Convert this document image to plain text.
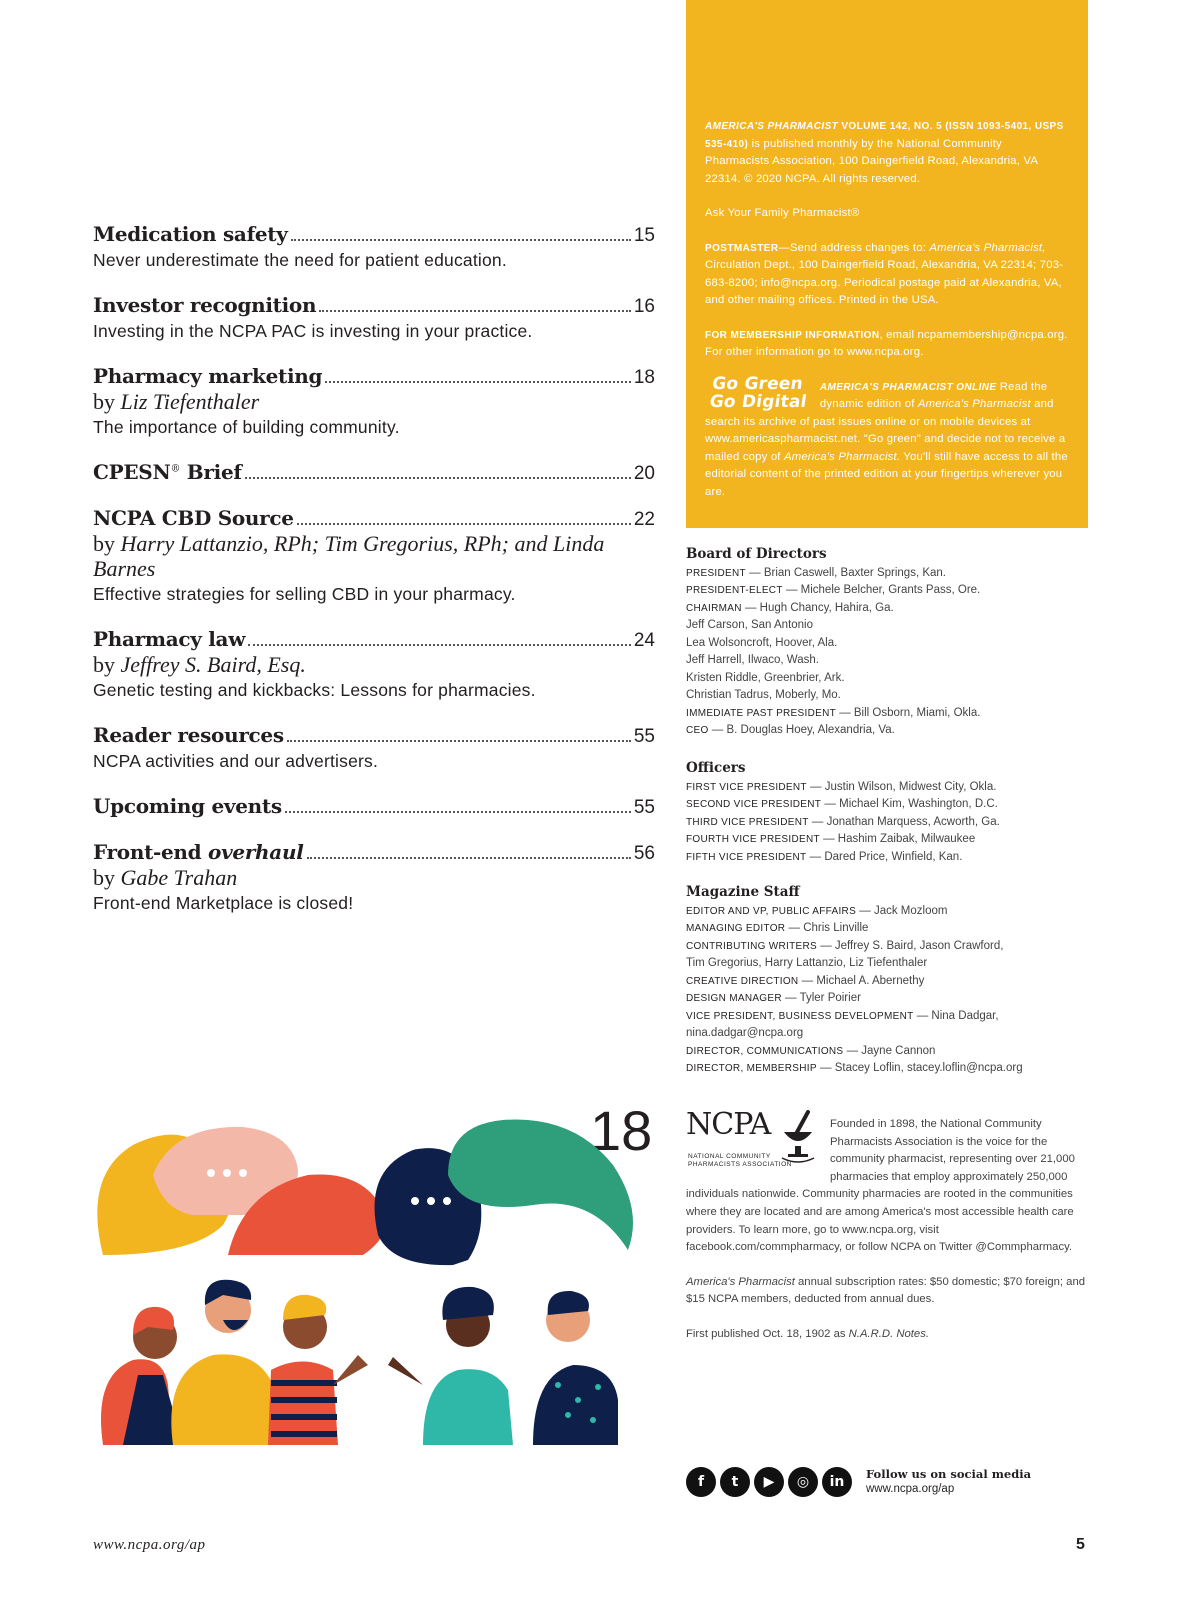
Medication safety	15
Never underestimate the need for patient education.
Investor recognition	16
Investing in the NCPA PAC is investing in your practice.
Pharmacy marketing	18
by Liz Tiefenthaler
The importance of building community.
CPESN® Brief	20
NCPA CBD Source	22
by Harry Lattanzio, RPh; Tim Gregorius, RPh; and Linda Barnes
Effective strategies for selling CBD in your pharmacy.
Pharmacy law	24
by Jeffrey S. Baird, Esq.
Genetic testing and kickbacks: Lessons for pharmacies.
Reader resources	55
NCPA activities and our advertisers.
Upcoming events	55
Front-end overhaul	56
by Gabe Trahan
Front-end Marketplace is closed!

AMERICA'S PHARMACIST VOLUME 142, NO. 5 (ISSN 1093-5401, USPS 535-410) is published monthly by the National Community Pharmacists Association, 100 Daingerfield Road, Alexandria, VA 22314. © 2020 NCPA. All rights reserved.

Ask Your Family Pharmacist®

POSTMASTER—Send address changes to: America's Pharmacist, Circulation Dept., 100 Daingerfield Road, Alexandria, VA 22314; 703-683-8200; info@ncpa.org. Periodical postage paid at Alexandria, VA, and other mailing offices. Printed in the USA.

FOR MEMBERSHIP INFORMATION, email ncpamembership@ncpa.org. For other information go to www.ncpa.org.

Go Green
Go Digital
AMERICA'S PHARMACIST ONLINE Read the dynamic edition of America's Pharmacist and search its archive of past issues online or on mobile devices at www.americaspharmacist.net. "Go green" and decide not to receive a mailed copy of America's Pharmacist. You'll still have access to all the editorial content of the printed edition at your fingertips wherever you are.

Board of Directors
PRESIDENT — Brian Caswell, Baxter Springs, Kan.
PRESIDENT-ELECT — Michele Belcher, Grants Pass, Ore.
CHAIRMAN — Hugh Chancy, Hahira, Ga.
Jeff Carson, San Antonio
Lea Wolsoncroft, Hoover, Ala.
Jeff Harrell, Ilwaco, Wash.
Kristen Riddle, Greenbrier, Ark.
Christian Tadrus, Moberly, Mo.
IMMEDIATE PAST PRESIDENT — Bill Osborn, Miami, Okla.
CEO — B. Douglas Hoey, Alexandria, Va.
Officers
FIRST VICE PRESIDENT — Justin Wilson, Midwest City, Okla.
SECOND VICE PRESIDENT — Michael Kim, Washington, D.C.
THIRD VICE PRESIDENT — Jonathan Marquess, Acworth, Ga.
FOURTH VICE PRESIDENT — Hashim Zaibak, Milwaukee
FIFTH VICE PRESIDENT — Dared Price, Winfield, Kan.
Magazine Staff
EDITOR AND VP, PUBLIC AFFAIRS — Jack Mozloom
MANAGING EDITOR — Chris Linville
CONTRIBUTING WRITERS — Jeffrey S. Baird, Jason Crawford,
Tim Gregorius, Harry Lattanzio, Liz Tiefenthaler
CREATIVE DIRECTION — Michael A. Abernethy
DESIGN MANAGER — Tyler Poirier
VICE PRESIDENT, BUSINESS DEVELOPMENT — Nina Dadgar,
nina.dadgar@ncpa.org
DIRECTOR, COMMUNICATIONS — Jayne Cannon
DIRECTOR, MEMBERSHIP — Stacey Loflin, stacey.loflin@ncpa.org

NCPA
NATIONAL COMMUNITY
PHARMACISTS ASSOCIATION
Founded in 1898, the National Community Pharmacists Association is the voice for the community pharmacist, representing over 21,000 pharmacies that employ approximately 250,000 individuals nationwide. Community pharmacies are rooted in the communities where they are located and are among America's most accessible health care providers. To learn more, go to www.ncpa.org, visit facebook.com/commpharmacy, or follow NCPA on Twitter @Commpharmacy.

America's Pharmacist annual subscription rates: $50 domestic; $70 foreign; and $15 NCPA members, deducted from annual dues.

First published Oct. 18, 1902 as N.A.R.D. Notes.

18
f	t	▶	◎	in	Follow us on social media
www.ncpa.org/ap
www.ncpa.org/ap	5
